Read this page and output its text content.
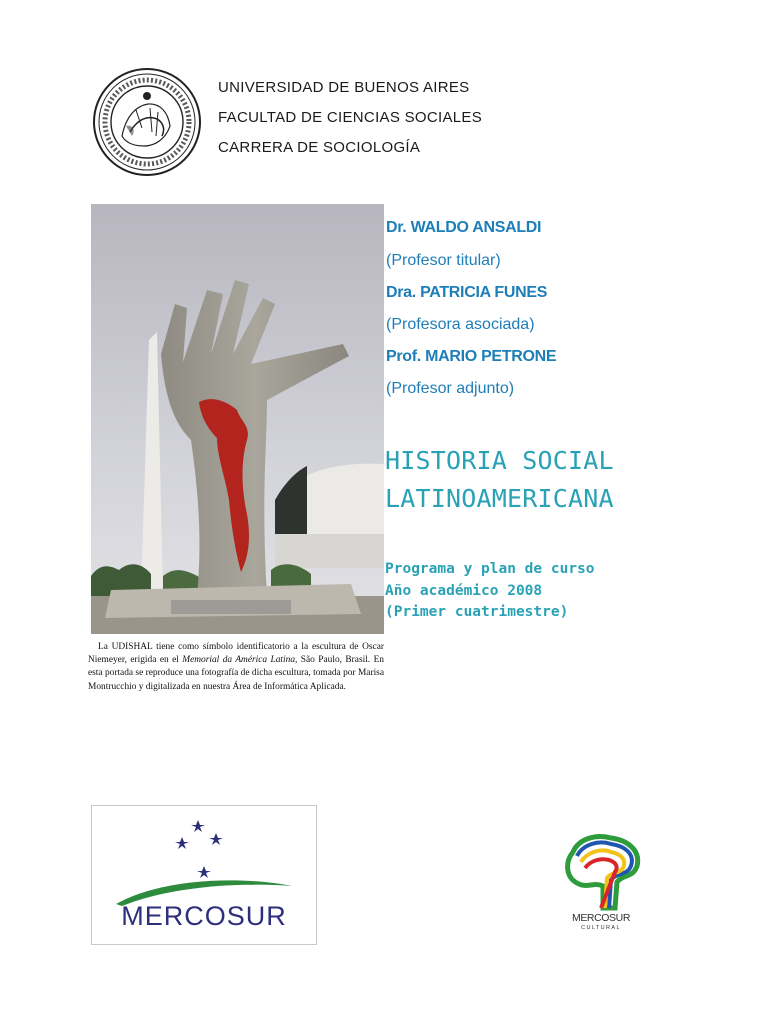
UNIVERSIDAD DE BUENOS AIRES
FACULTAD DE CIENCIAS SOCIALES
CARRERA DE SOCIOLOGÍA
La UDISHAL tiene como símbolo identificatorio a la escultura de Oscar Niemeyer, erigida en el Memorial da América Latina, São Paulo, Brasil. En esta portada se reproduce una fotografía de dicha escultura, tomada por Marisa Montrucchio y digitalizada en nuestra Área de Informática Aplicada.
Dr. WALDO ANSALDI
(Profesor titular)
Dra. PATRICIA FUNES
(Profesora asociada)
Prof. MARIO PETRONE
(Profesor adjunto)
HISTORIA SOCIAL
LATINOAMERICANA
Programa y plan de curso
Año académico 2008
(Primer cuatrimestre)
MERCOSUR	MERCOSUR
CULTURAL
